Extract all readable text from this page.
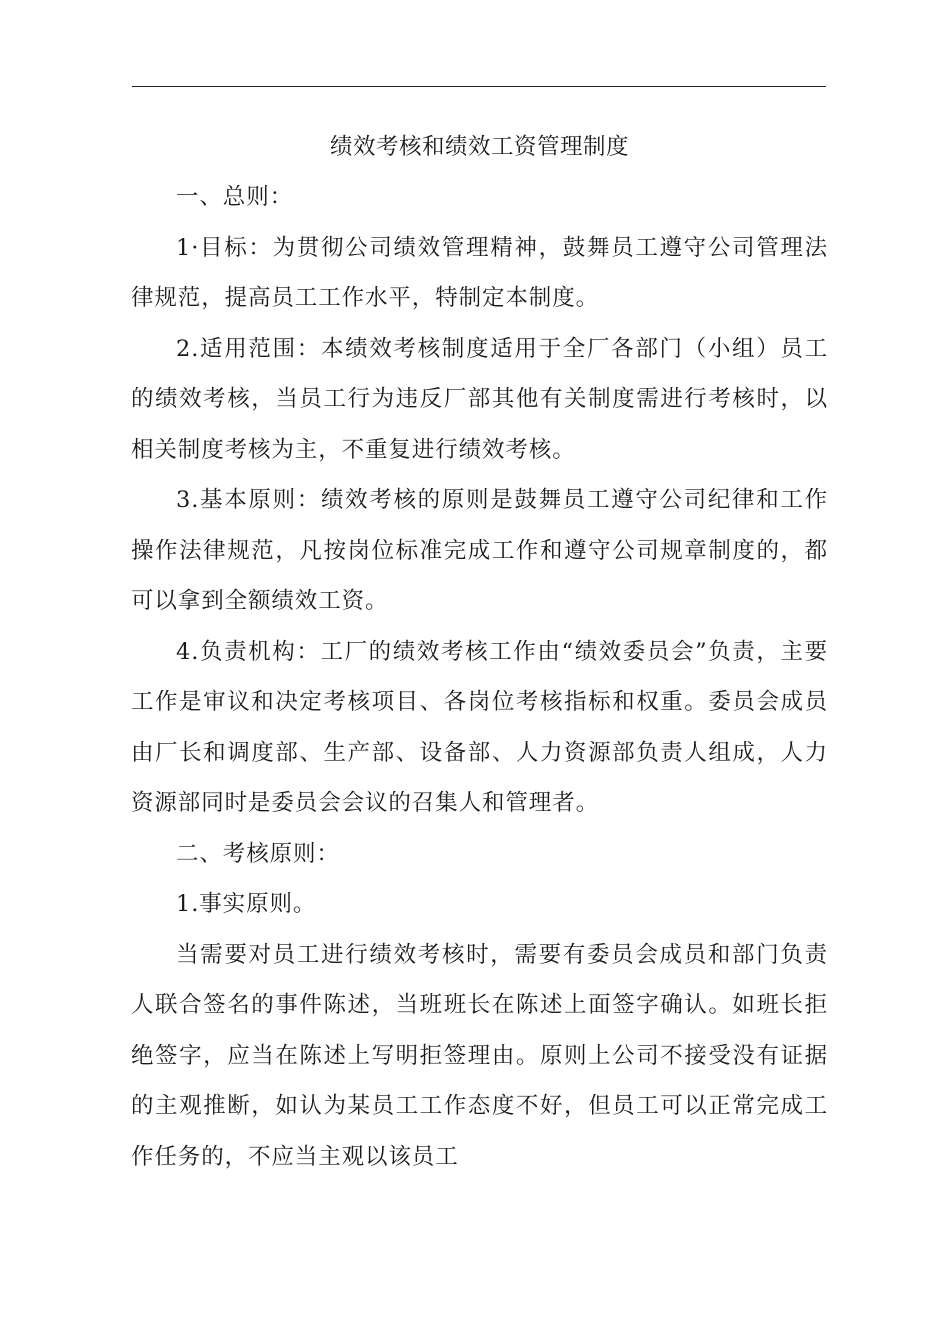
绩效考核和绩效工资管理制度

一、总则：

1·目标：为贯彻公司绩效管理精神，鼓舞员工遵守公司管理法律规范，提高员工工作水平，特制定本制度。

2.适用范围：本绩效考核制度适用于全厂各部门（小组）员工的绩效考核，当员工行为违反厂部其他有关制度需进行考核时，以相关制度考核为主，不重复进行绩效考核。

3.基本原则：绩效考核的原则是鼓舞员工遵守公司纪律和工作操作法律规范，凡按岗位标准完成工作和遵守公司规章制度的，都可以拿到全额绩效工资。

4.负责机构：工厂的绩效考核工作由“绩效委员会”负责，主要工作是审议和决定考核项目、各岗位考核指标和权重。委员会成员由厂长和调度部、生产部、设备部、人力资源部负责人组成，人力资源部同时是委员会会议的召集人和管理者。

二、考核原则：

1.事实原则。

当需要对员工进行绩效考核时，需要有委员会成员和部门负责人联合签名的事件陈述，当班班长在陈述上面签字确认。如班长拒绝签字，应当在陈述上写明拒签理由。原则上公司不接受没有证据的主观推断，如认为某员工工作态度不好，但员工可以正常完成工作任务的，不应当主观以该员工
